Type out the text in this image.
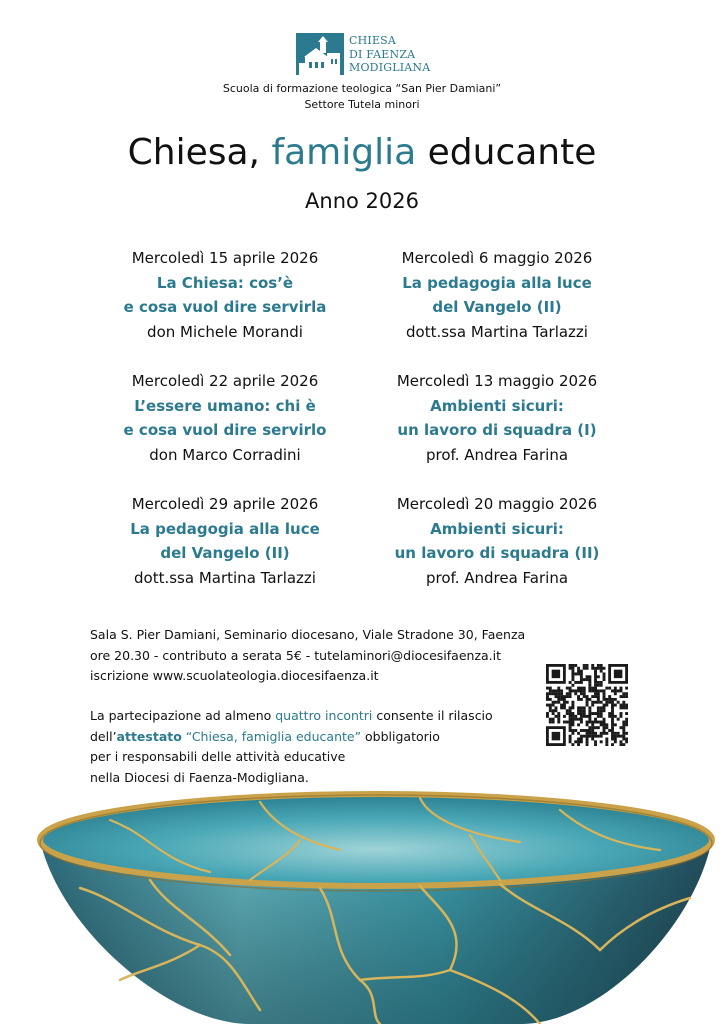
CHIESA
DI FAENZA
MODIGLIANA
Scuola di formazione teologica “San Pier Damiani”
Settore Tutela minori
Chiesa, famiglia educante
Anno 2026
Mercoledì 15 aprile 2026
La Chiesa: cos’è
e cosa vuol dire servirla
don Michele Morandi
Mercoledì 6 maggio 2026
La pedagogia alla luce
del Vangelo (II)
dott.ssa Martina Tarlazzi
Mercoledì 22 aprile 2026
L’essere umano: chi è
e cosa vuol dire servirlo
don Marco Corradini
Mercoledì 13 maggio 2026
Ambienti sicuri:
un lavoro di squadra (I)
prof. Andrea Farina
Mercoledì 29 aprile 2026
La pedagogia alla luce
del Vangelo (II)
dott.ssa Martina Tarlazzi
Mercoledì 20 maggio 2026
Ambienti sicuri:
un lavoro di squadra (II)
prof. Andrea Farina
Sala S. Pier Damiani, Seminario diocesano, Viale Stradone 30, Faenza
ore 20.30 - contributo a serata 5€ - tutelaminori@diocesifaenza.it
iscrizione www.scuolateologia.diocesifaenza.it
La partecipazione ad almeno quattro incontri consente il rilascio
dell’attestato “Chiesa, famiglia educante” obbligatorio
per i responsabili delle attività educative
nella Diocesi di Faenza-Modigliana.
